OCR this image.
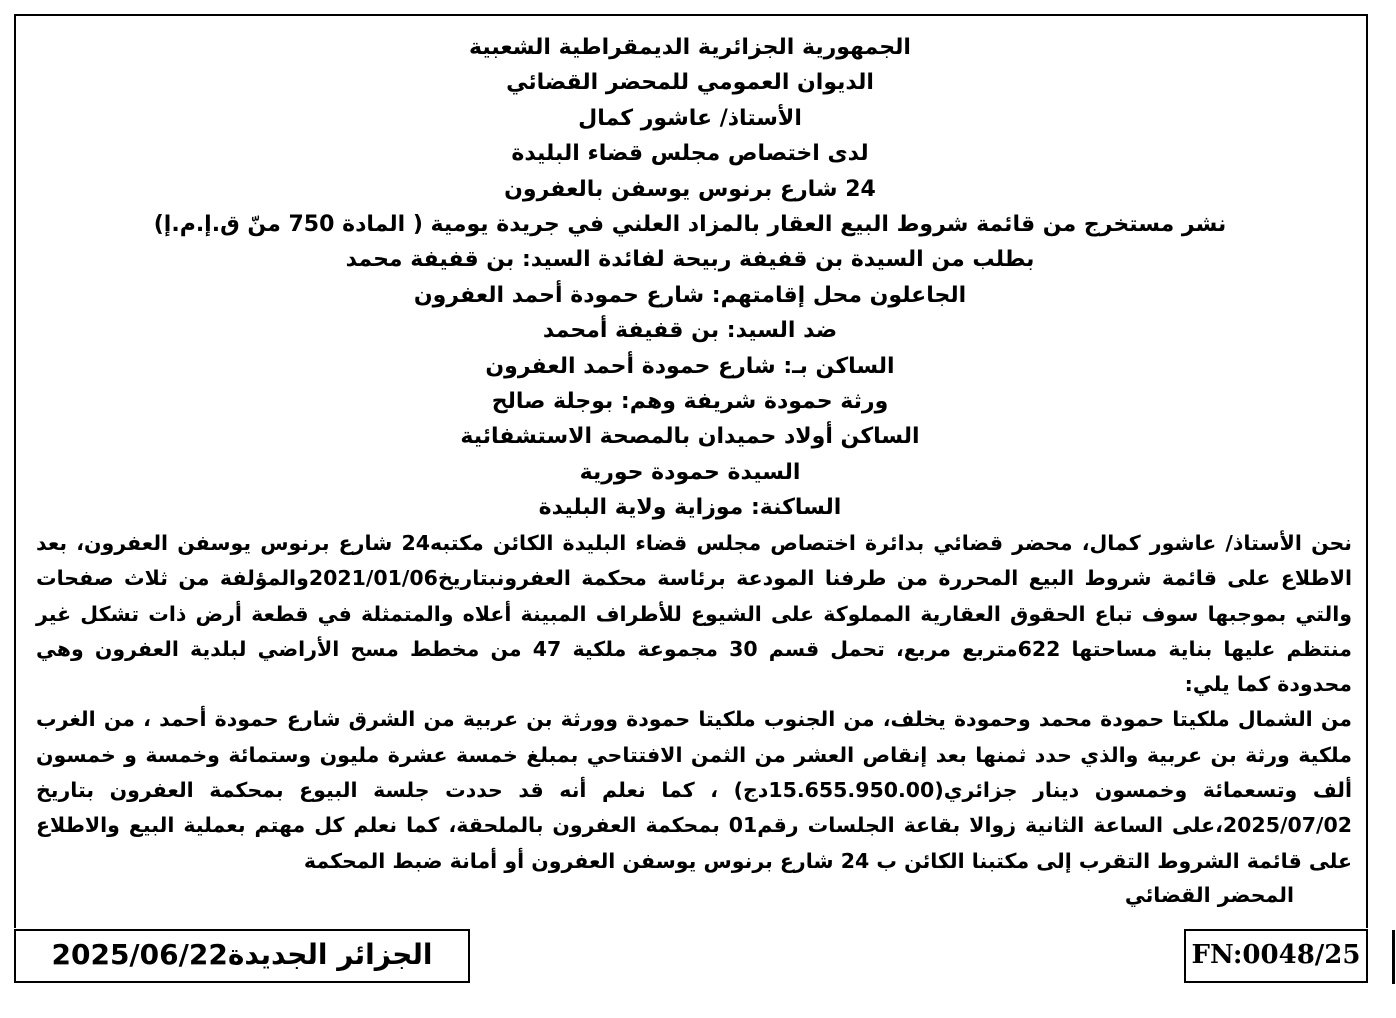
الجمهورية الجزائرية الديمقراطية الشعبية
الديوان العمومي للمحضر القضائي
الأستاذ/ عاشور كمال
لدى اختصاص مجلس قضاء البليدة
24 شارع برنوس يوسفن بالعفرون
نشر مستخرج من قائمة شروط البيع العقار بالمزاد العلني في جريدة يومية ( المادة 750 منّ ق.إ.م.إ)
بطلب من السيدة بن قفيفة ربيحة لفائدة السيد: بن قفيفة محمد
الجاعلون محل إقامتهم: شارع حمودة أحمد العفرون
ضد السيد: بن قفيفة أمحمد
الساكن بـ: شارع حمودة أحمد العفرون
ورثة حمودة شريفة وهم: بوجلة صالح
الساكن أولاد حميدان بالمصحة الاستشفائية
السيدة حمودة حورية
الساكنة: موزاية ولاية البليدة

نحن الأستاذ/ عاشور كمال، محضر قضائي بدائرة اختصاص مجلس قضاء البليدة الكائن مكتبه24 شارع برنوس يوسفن العفرون، بعد الاطلاع على قائمة شروط البيع المحررة من طرفنا المودعة برئاسة محكمة العفرونبتاريخ2021/01/06والمؤلفة من ثلاث صفحات والتي بموجبها سوف تباع الحقوق العقارية المملوكة على الشيوع للأطراف المبينة أعلاه والمتمثلة في قطعة أرض ذات تشكل غير منتظم عليها بناية مساحتها 622متربع مربع، تحمل قسم 30 مجموعة ملكية 47 من مخطط مسح الأراضي لبلدية العفرون وهي محدودة كما يلي:

من الشمال ملكيتا حمودة محمد وحمودة يخلف، من الجنوب ملكيتا حمودة وورثة بن عربية من الشرق شارع حمودة أحمد ، من الغرب ملكية ورثة بن عربية والذي حدد ثمنها بعد إنقاص العشر من الثمن الافتتاحي بمبلغ خمسة عشرة مليون وستمائة وخمسة و خمسون ألف وتسعمائة وخمسون دينار جزائري(15.655.950.00دج) ، كما نعلم أنه قد حددت جلسة البيوع بمحكمة العفرون بتاريخ 2025/07/02،على الساعة الثانية زوالا بقاعة الجلسات رقم01 بمحكمة العفرون بالملحقة، كما نعلم كل مهتم بعملية البيع والاطلاع على قائمة الشروط التقرب إلى مكتبنا الكائن ب 24 شارع برنوس يوسفن العفرون أو أمانة ضبط المحكمة

المحضر القضائي
الجزائر الجديدة2025/06/22	FN:0048/25
